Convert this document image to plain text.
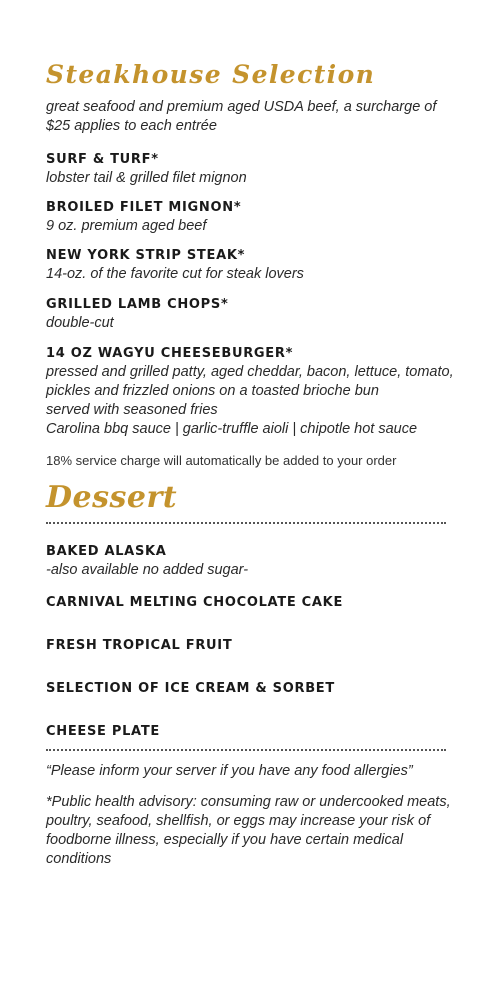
Steakhouse Selection

great seafood and premium aged USDA beef, a surcharge of $25 applies to each entrée

SURF & TURF*

lobster tail & grilled filet mignon

BROILED FILET MIGNON*

9 oz. premium aged beef

NEW YORK STRIP STEAK*

14-oz. of the favorite cut for steak lovers

GRILLED LAMB CHOPS*

double-cut

14 OZ WAGYU CHEESEBURGER*

pressed and grilled patty, aged cheddar, bacon, lettuce, tomato,

pickles and frizzled onions on a toasted brioche bun

served with seasoned fries

Carolina bbq sauce | garlic-truffle aioli | chipotle hot sauce

18% service charge will automatically be added to your order

Dessert

BAKED ALASKA

-also available no added sugar-

CARNIVAL MELTING CHOCOLATE CAKE

FRESH TROPICAL FRUIT

SELECTION OF ICE CREAM & SORBET

CHEESE PLATE

“Please inform your server if you have any food allergies”

*Public health advisory: consuming raw or undercooked meats, poultry, seafood, shellfish, or eggs may increase your risk of foodborne illness, especially if you have certain medical conditions
